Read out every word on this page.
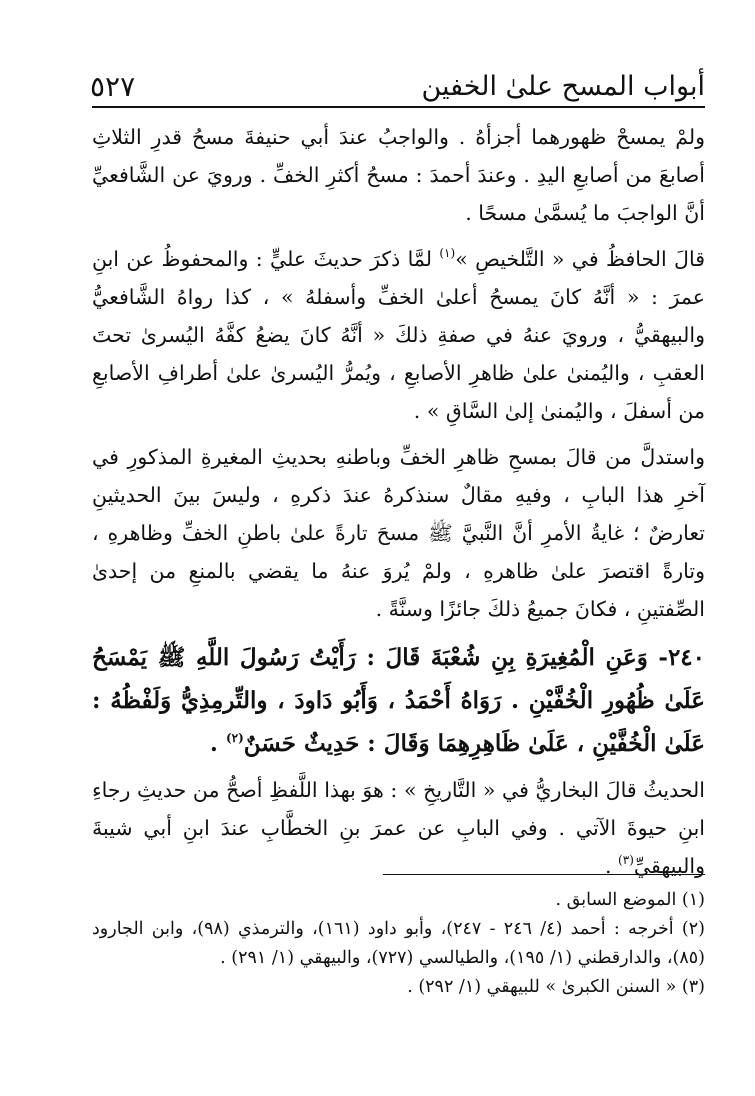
٥٢٧	أبواب المسح علىٰ الخفين

ولمْ يمسحْ ظهورهما أجزأهُ . والواجبُ عندَ أبي حنيفةَ مسحُ قدرِ الثلاثِ أصابعَ من أصابعِ اليدِ . وعندَ أحمدَ : مسحُ أكثرِ الخفِّ . ورويَ عن الشَّافعيِّ أنَّ الواجبَ ما يُسمَّىٰ مسحًا .

قالَ الحافظُ في « التَّلخيصِ »$^{(١)}$ لمَّا ذكرَ حديثَ عليٍّ : والمحفوظُ عن ابنِ عمرَ : « أنَّهُ كانَ يمسحُ أعلىٰ الخفِّ وأسفلهُ » ، كذا رواهُ الشَّافعيُّ والبيهقيُّ ، ورويَ عنهُ في صفةِ ذلكَ « أنَّهُ كانَ يضعُ كفَّهُ اليُسرىٰ تحتَ العقبِ ، واليُمنىٰ علىٰ ظاهرِ الأصابعِ ، ويُمرُّ اليُسرىٰ علىٰ أطرافِ الأصابعِ من أسفلَ ، واليُمنىٰ إلىٰ السَّاقِ » .

واستدلَّ من قالَ بمسحِ ظاهرِ الخفِّ وباطنهِ بحديثِ المغيرةِ المذكورِ في آخرِ هذا البابِ ، وفيهِ مقالٌ سنذكرهُ عندَ ذكرهِ ، وليسَ بينَ الحديثينِ تعارضٌ ؛ غايةُ الأمرِ أنَّ النَّبيَّ ﷺ مسحَ تارةً علىٰ باطنِ الخفِّ وظاهرهِ ، وتارةً اقتصرَ علىٰ ظاهرهِ ، ولمْ يُروَ عنهُ ما يقضي بالمنعِ من إحدىٰ الصِّفتينِ ، فكانَ جميعُ ذلكَ جائزًا وسنَّةً .

٢٤٠- وَعَنِ الْمُغِيرَةِ بِنِ شُعْبَةَ قَالَ : رَأَيْتُ رَسُولَ اللَّهِ ﷺ يَمْسَحُ عَلَىٰ ظُهُورِ الْخُفَّيْنِ . رَوَاهُ أَحْمَدُ ، وَأَبُو دَاودَ ، والتِّرمِذِيُّ وَلَفْظُهُ : عَلَىٰ الْخُفَّيْنِ ، عَلَىٰ ظَاهِرِهِمَا وَقَالَ : حَدِيثٌ حَسَنٌ$^{(٢)}$ .

الحديثُ قالَ البخاريُّ في « التَّاريخِ » : هوَ بهذا اللَّفظِ أصحُّ من حديثِ رجاءِ ابنِ حيوةَ الآتي . وفي البابِ عن عمرَ بنِ الخطَّابِ عندَ ابنِ أبي شيبةَ والبيهقيِّ$^{(٣)}$ .

(١) الموضع السابق .

(٢) أخرجه : أحمد (٤/ ٢٤٦ - ٢٤٧)، وأبو داود (١٦١)، والترمذي (٩٨)، وابن الجارود (٨٥)، والدارقطني (١/ ١٩٥)، والطيالسي (٧٢٧)، والبيهقي (١/ ٢٩١) .

(٣) « السنن الكبرىٰ » للبيهقي (١/ ٢٩٢) .
